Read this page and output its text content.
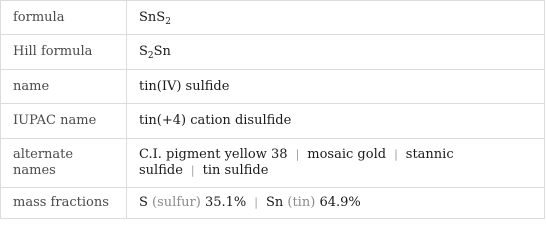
formula	SnS$_2$
Hill formula	$S_2Sn$
name	tin(IV) sulfide
IUPAC name	tin(+4) cation disulfide
alternate names	C.I. pigment yellow 38 | mosaic gold | stannic sulfide | tin sulfide
mass fractions	S (sulfur) 35.1% | Sn (tin) 64.9%
